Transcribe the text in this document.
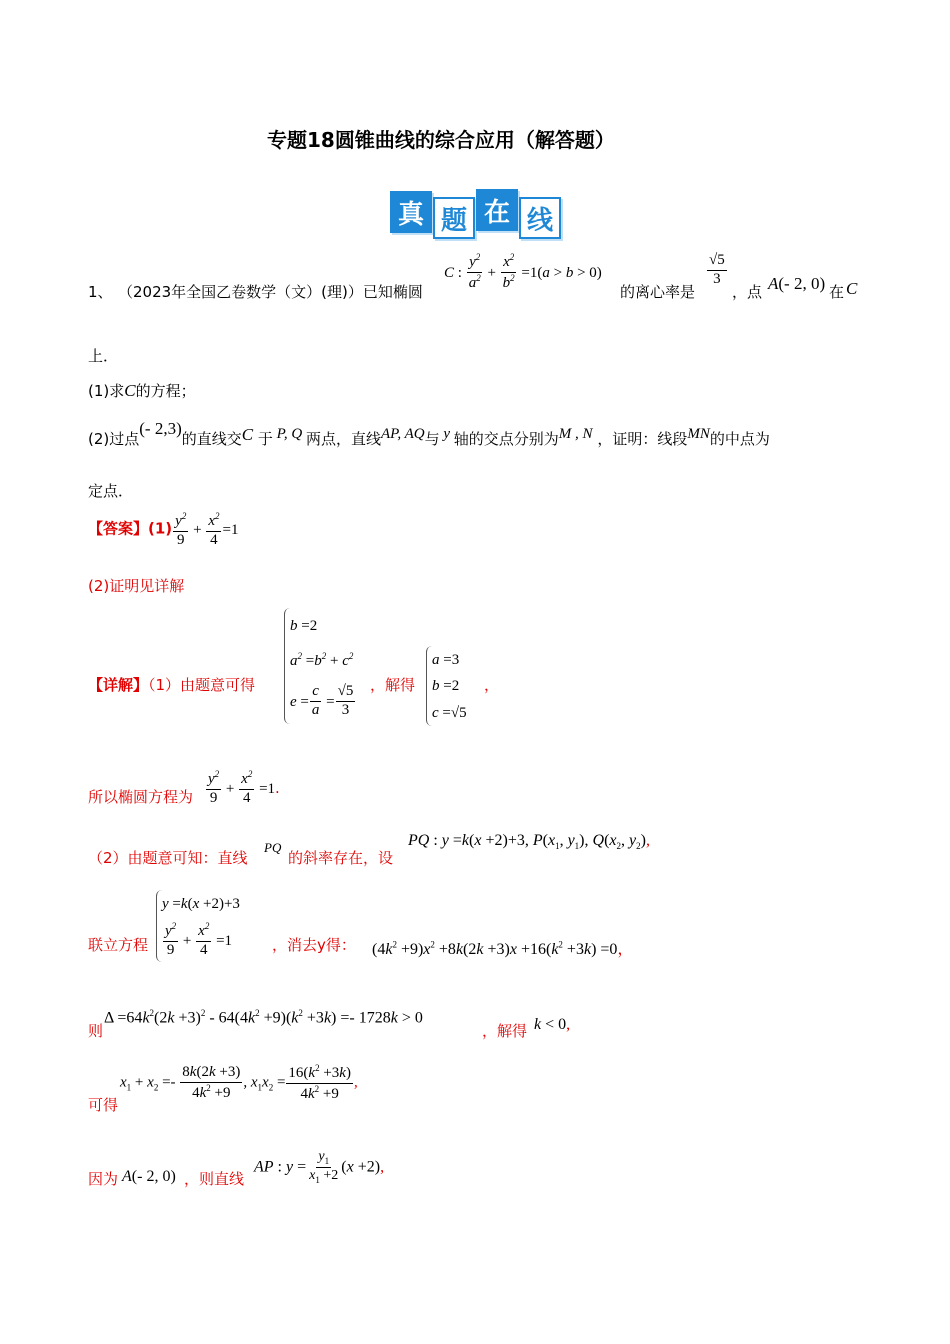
专题18圆锥曲线的综合应用（解答题）
真 题 在 线
1、 （2023年全国乙卷数学（文）(理)）已知椭圆
C : $\frac{y^2}{a^2} + \frac{x^2}{b^2} =1(a > b > 0)$
的离心率是
$\frac{√5}{3}$
，点 A(- 2, 0) 在 C
上．
(1)求C的方程；
(2)过点(- 2,3)的直线交C 于 P, Q 两点，直线AP, AQ与 y 轴的交点分别为M , N ，证明：线段MN的中点为
定点．
【答案】$(1) \frac{y^2}{9} + \frac{x^2}{4} =1$
(2)证明见详解
【详解】（1）由题意可得
b =2
$a^2 =b^2 + c^2$
$e = \frac{c}{a} = \frac{√5}{3}$ ，解得
a =3
b =2
c =√5
，
所以椭圆方程为 $\frac{y^2}{9} + \frac{x^2}{4} =1$.
（2）由题意可知：直线
PQ
的斜率存在，设
PQ : y =k(x +2)+3, $P(x_1$, $y_1$), $Q(x_2$, $y_2$),
联立方程
y =k(x +2)+3
$\frac{y^2}{9} + \frac{x^2}{4} =1$	，消去y得： $(4k^2 +9)x^2 +8k(2k +3)x +16(k^2 +3k) =0$，
则
$\Delta =64k^2(2k +3)^2 - 64(4k^2 +9)(k^2 +3k) =- 1728k > 0$
，解得 k < 0,
可得
$x_1 + x_2 =- \frac{8k(2k +3)}{4k^2 +9}$ , $x_1x_2 = \frac{16(k^2 +3k)}{4k^2 +9}$ ,
因为 A(- 2, 0) ，则直线
AP : $y = \frac{y_1}{x_1 +2} (x +2)$,
